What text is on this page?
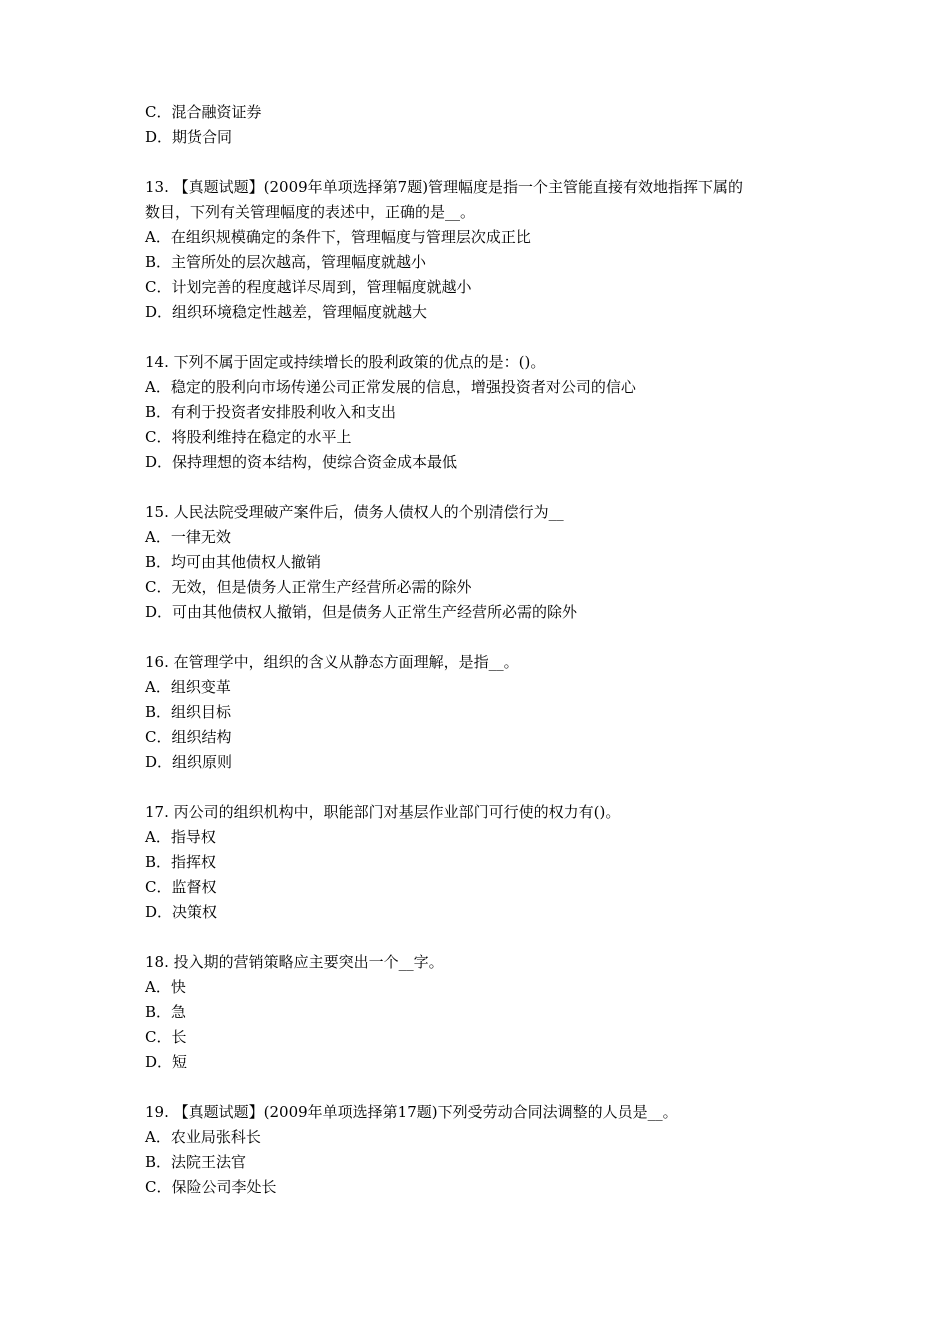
C．混合融资证券
D．期货合同
13. 【真题试题】(2009年单项选择第7题)管理幅度是指一个主管能直接有效地指挥下属的
数目，下列有关管理幅度的表述中，正确的是__。
A．在组织规模确定的条件下，管理幅度与管理层次成正比
B．主管所处的层次越高，管理幅度就越小
C．计划完善的程度越详尽周到，管理幅度就越小
D．组织环境稳定性越差，管理幅度就越大
14. 下列不属于固定或持续增长的股利政策的优点的是：()。
A．稳定的股利向市场传递公司正常发展的信息，增强投资者对公司的信心
B．有利于投资者安排股利收入和支出
C．将股利维持在稳定的水平上
D．保持理想的资本结构，使综合资金成本最低
15. 人民法院受理破产案件后，债务人债权人的个别清偿行为__
A．一律无效
B．均可由其他债权人撤销
C．无效，但是债务人正常生产经营所必需的除外
D．可由其他债权人撤销，但是债务人正常生产经营所必需的除外
16. 在管理学中，组织的含义从静态方面理解，是指__。
A．组织变革
B．组织目标
C．组织结构
D．组织原则
17. 丙公司的组织机构中，职能部门对基层作业部门可行使的权力有()。
A．指导权
B．指挥权
C．监督权
D．决策权
18. 投入期的营销策略应主要突出一个__字。
A．快
B．急
C．长
D．短
19. 【真题试题】(2009年单项选择第17题)下列受劳动合同法调整的人员是__。
A．农业局张科长
B．法院王法官
C．保险公司李处长
